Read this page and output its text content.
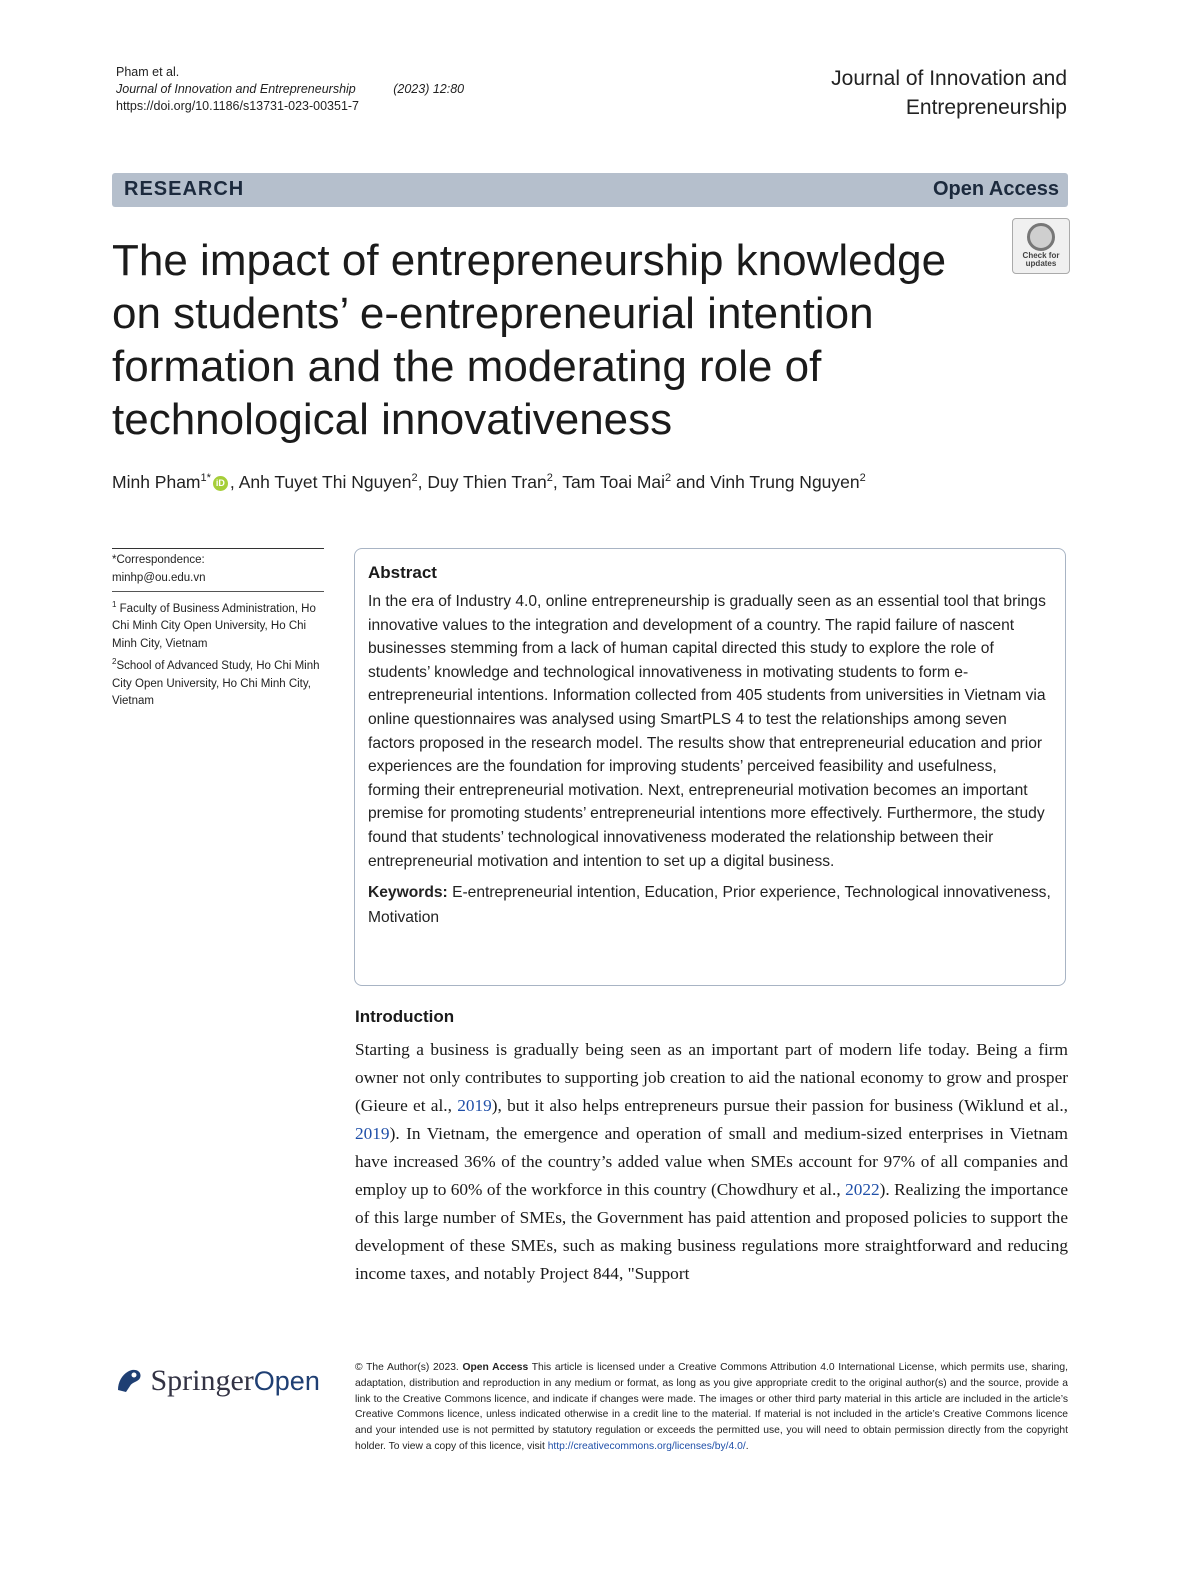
Pham et al.
Journal of Innovation and Entrepreneurship	(2023) 12:80
https://doi.org/10.1186/s13731-023-00351-7
Journal of Innovation and
Entrepreneurship
RESEARCH	Open Access
The impact of entrepreneurship knowledge on students’ e-entrepreneurial intention formation and the moderating role of technological innovativeness
Check for
updates
Minh Pham$^{1*}$ iD , Anh Tuyet Thi Nguyen$^2$, Duy Thien Tran$^2$, Tam Toai Mai$^2$ and Vinh Trung Nguyen$^2$
*Correspondence:
minhp@ou.edu.vn
$^1$ Faculty of Business Administration, Ho Chi Minh City Open University, Ho Chi Minh City, Vietnam
$^2$School of Advanced Study, Ho Chi Minh City Open University, Ho Chi Minh City, Vietnam
Abstract
In the era of Industry 4.0, online entrepreneurship is gradually seen as an essential tool that brings innovative values to the integration and development of a country. The rapid failure of nascent businesses stemming from a lack of human capital directed this study to explore the role of students’ knowledge and technological innovativeness in motivating students to form e-entrepreneurial intentions. Information collected from 405 students from universities in Vietnam via online questionnaires was analysed using SmartPLS 4 to test the relationships among seven factors proposed in the research model. The results show that entrepreneurial education and prior experiences are the foundation for improving students’ perceived feasibility and usefulness, forming their entrepreneurial motivation. Next, entrepreneurial motivation becomes an important premise for promoting students’ entrepreneurial intentions more effectively. Furthermore, the study found that students’ technological innovativeness moderated the relationship between their entrepreneurial motivation and intention to set up a digital business.
Keywords: E-entrepreneurial intention, Education, Prior experience, Technological innovativeness, Motivation
Introduction
Starting a business is gradually being seen as an important part of modern life today. Being a firm owner not only contributes to supporting job creation to aid the national economy to grow and prosper (Gieure et al., 2019), but it also helps entrepreneurs pursue their passion for business (Wiklund et al., 2019). In Vietnam, the emergence and operation of small and medium-sized enterprises in Vietnam have increased 36% of the country’s added value when SMEs account for 97% of all companies and employ up to 60% of the workforce in this country (Chowdhury et al., 2022). Realizing the importance of this large number of SMEs, the Government has paid attention and proposed policies to support the development of these SMEs, such as making business regulations more straightforward and reducing income taxes, and notably Project 844, "Support
SpringerOpen	© The Author(s) 2023. Open Access This article is licensed under a Creative Commons Attribution 4.0 International License, which permits use, sharing, adaptation, distribution and reproduction in any medium or format, as long as you give appropriate credit to the original author(s) and the source, provide a link to the Creative Commons licence, and indicate if changes were made. The images or other third party material in this article are included in the article’s Creative Commons licence, unless indicated otherwise in a credit line to the material. If material is not included in the article’s Creative Commons licence and your intended use is not permitted by statutory regulation or exceeds the permitted use, you will need to obtain permission directly from the copyright holder. To view a copy of this licence, visit http://creativecommons.org/licenses/by/4.0/.
